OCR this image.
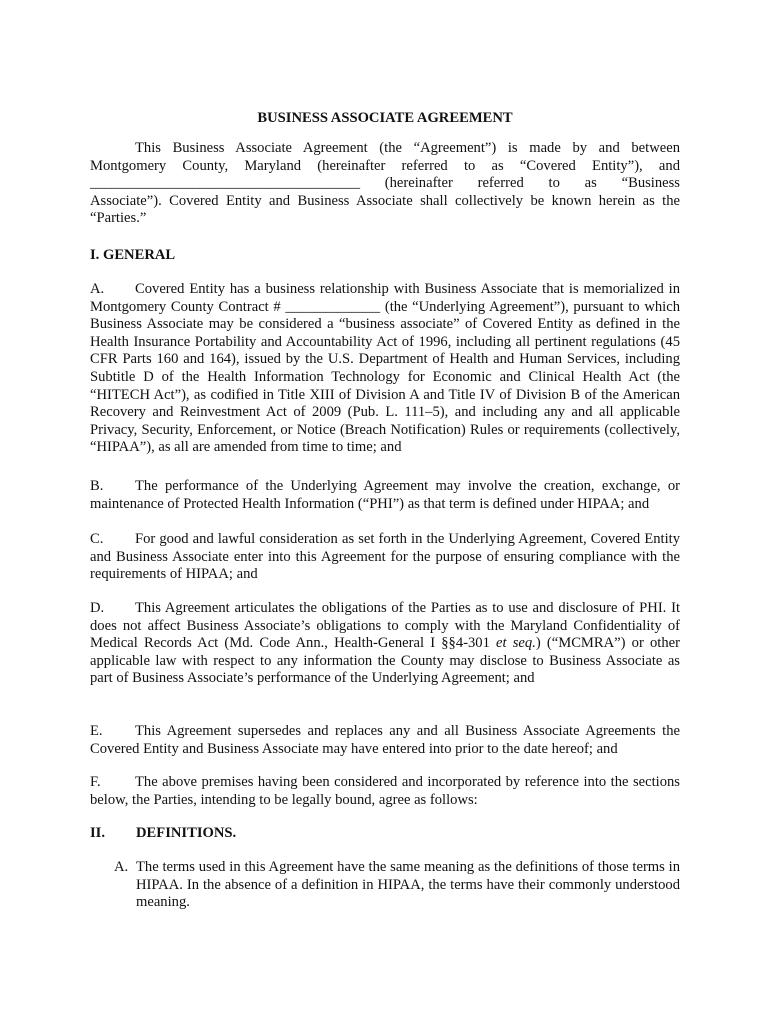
BUSINESS ASSOCIATE AGREEMENT
This Business Associate Agreement (the “Agreement”) is made by and between
Montgomery County, Maryland (hereinafter referred to as “Covered Entity”), and
_____________________________________ (hereinafter referred to as “Business
Associate”). Covered Entity and Business Associate shall collectively be known herein as the
“Parties.”
I. GENERAL

A. Covered Entity has a business relationship with Business Associate that is memorialized in Montgomery County Contract # _____________ (the “Underlying Agreement”), pursuant to which Business Associate may be considered a “business associate” of Covered Entity as defined in the Health Insurance Portability and Accountability Act of 1996, including all pertinent regulations (45 CFR Parts 160 and 164), issued by the U.S. Department of Health and Human Services, including Subtitle D of the Health Information Technology for Economic and Clinical Health Act (the “HITECH Act”), as codified in Title XIII of Division A and Title IV of Division B of the American Recovery and Reinvestment Act of 2009 (Pub. L. 111–5), and including any and all applicable Privacy, Security, Enforcement, or Notice (Breach Notification) Rules or requirements (collectively, “HIPAA”), as all are amended from time to time; and

B. The performance of the Underlying Agreement may involve the creation, exchange, or maintenance of Protected Health Information (“PHI”) as that term is defined under HIPAA; and

C. For good and lawful consideration as set forth in the Underlying Agreement, Covered Entity and Business Associate enter into this Agreement for the purpose of ensuring compliance with the requirements of HIPAA; and

D. This Agreement articulates the obligations of the Parties as to use and disclosure of PHI. It does not affect Business Associate’s obligations to comply with the Maryland Confidentiality of Medical Records Act (Md. Code Ann., Health-General I §§4-301 et seq.) (“MCMRA”) or other applicable law with respect to any information the County may disclose to Business Associate as part of Business Associate’s performance of the Underlying Agreement; and

E. This Agreement supersedes and replaces any and all Business Associate Agreements the Covered Entity and Business Associate may have entered into prior to the date hereof; and

F. The above premises having been considered and incorporated by reference into the sections below, the Parties, intending to be legally bound, agree as follows:

II. DEFINITIONS.
A. The terms used in this Agreement have the same meaning as the definitions of those terms in HIPAA. In the absence of a definition in HIPAA, the terms have their commonly understood meaning.
